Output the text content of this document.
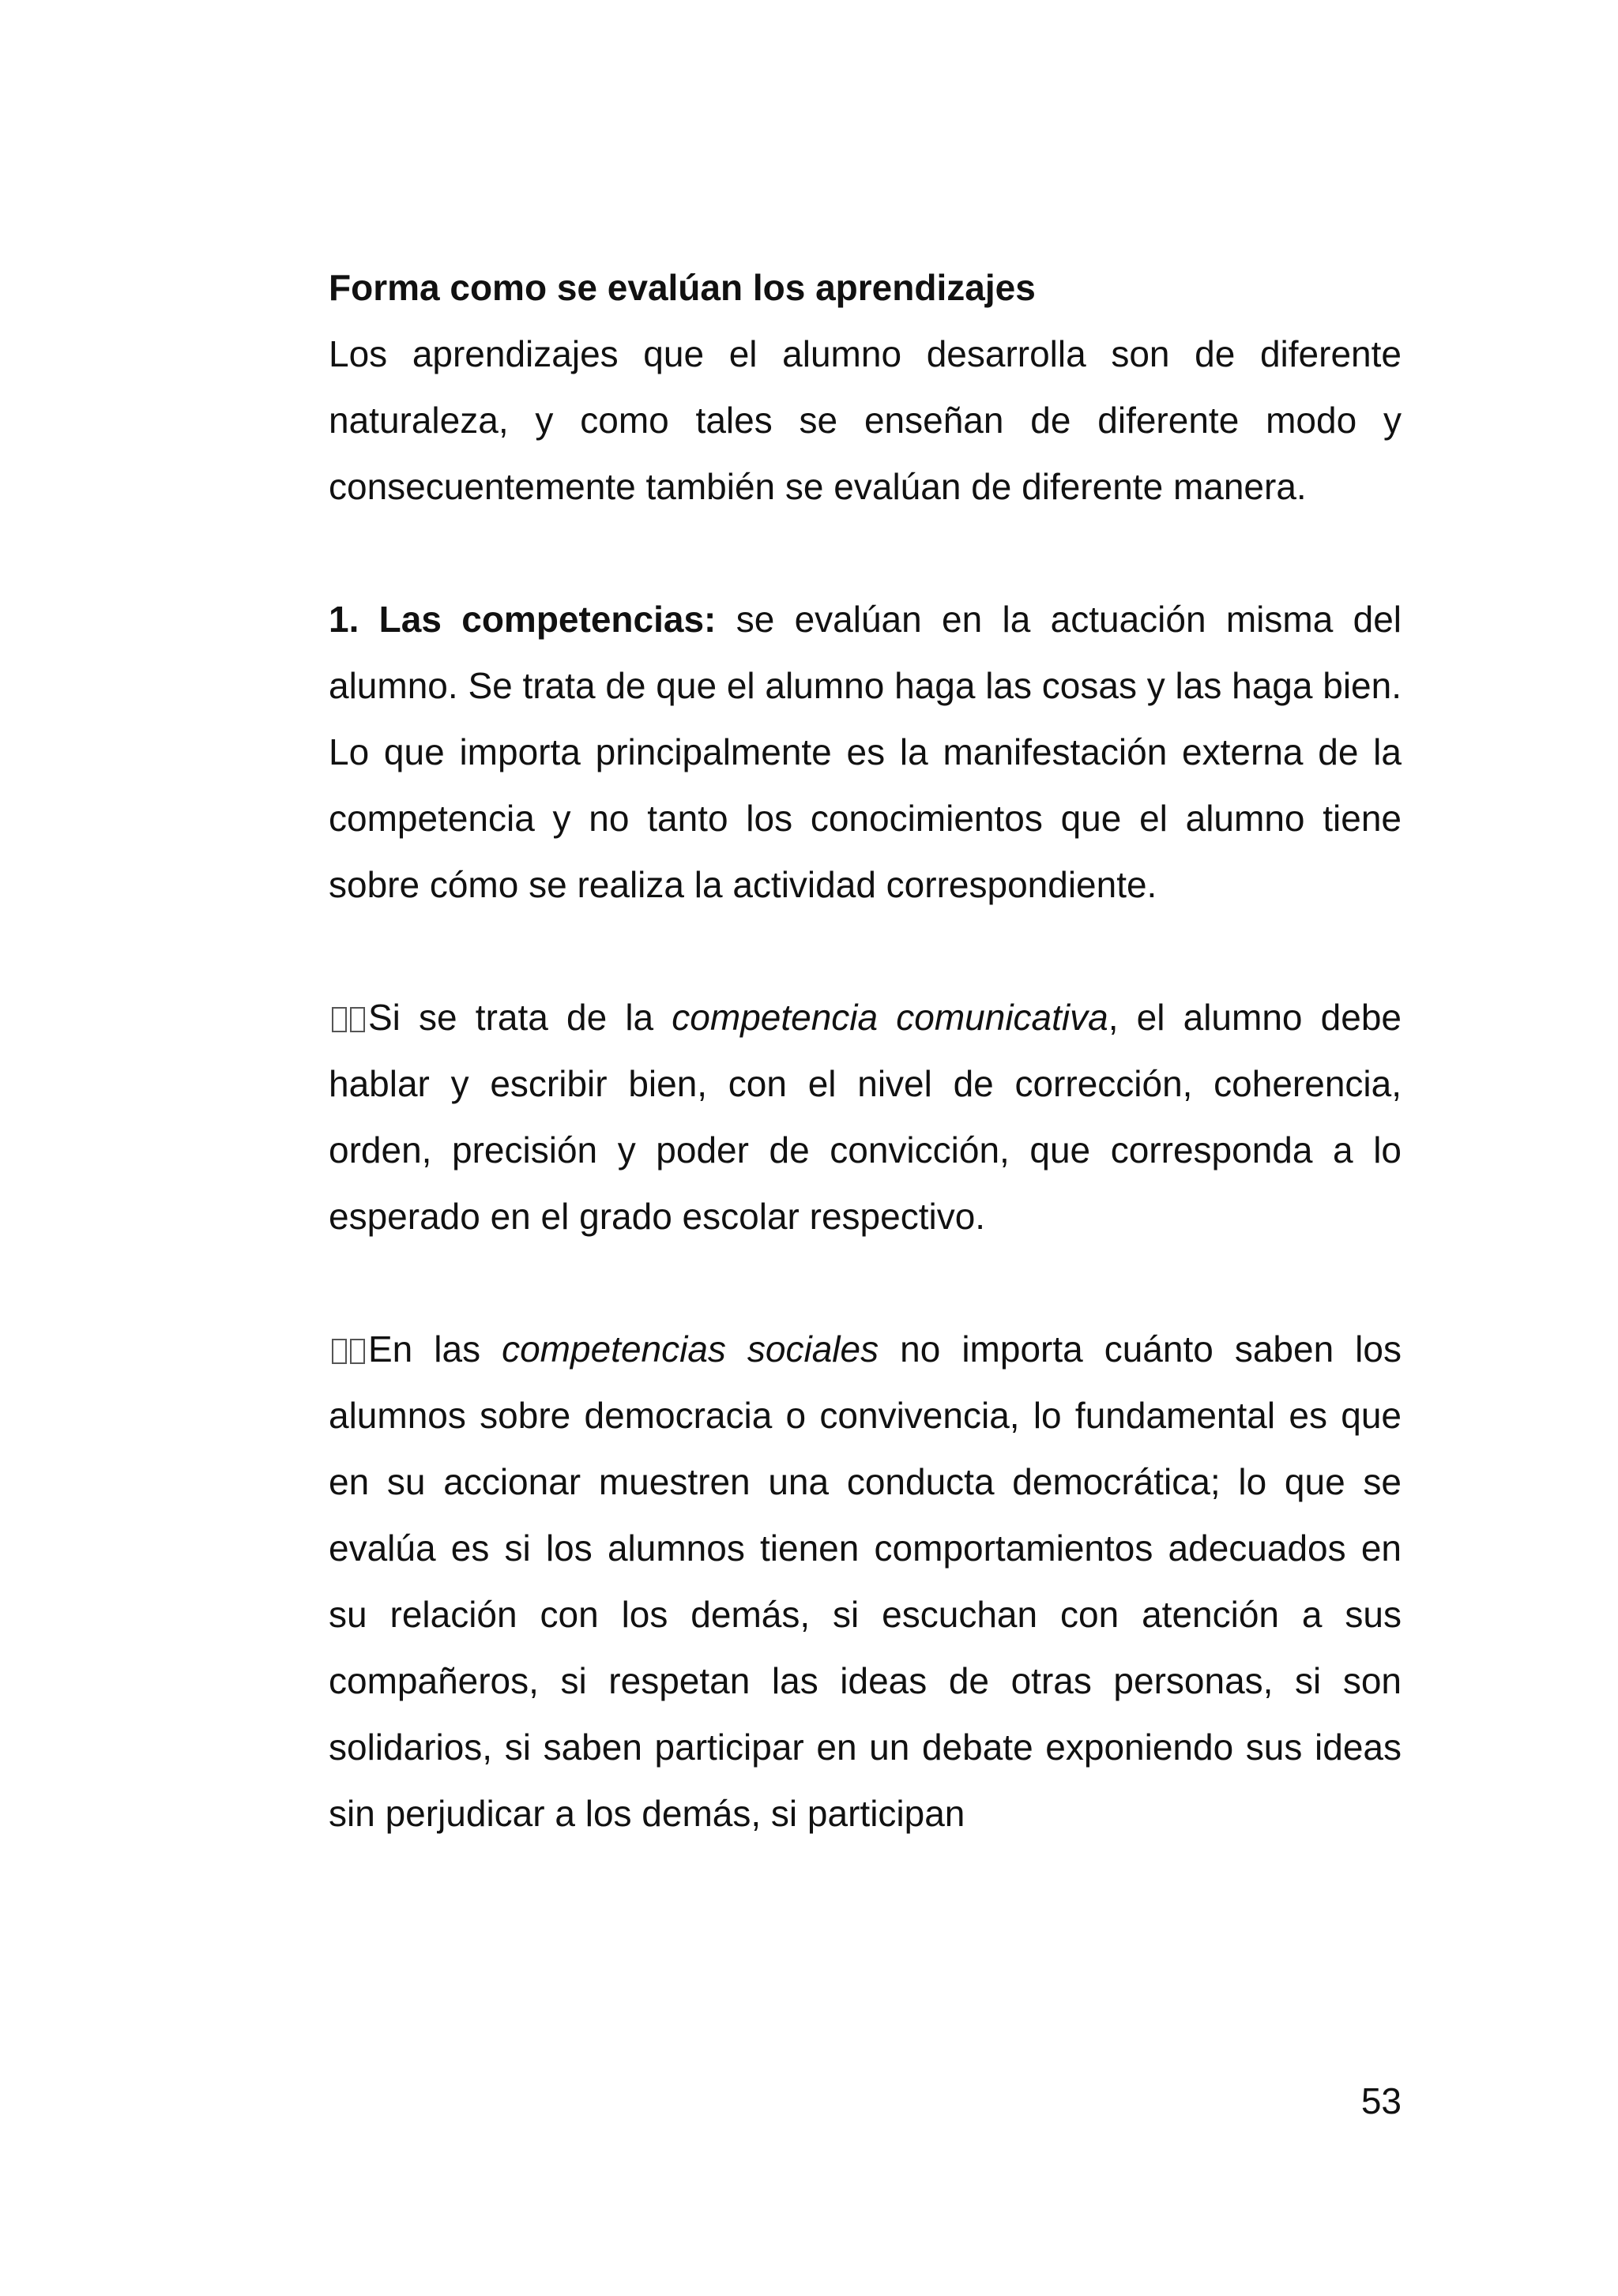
Forma como se evalúan los aprendizajes

Los aprendizajes que el alumno desarrolla son de diferente naturaleza, y como tales se enseñan de diferente modo y consecuentemente también se evalúan de diferente manera.

1. Las competencias: se evalúan en la actuación misma del alumno. Se trata de que el alumno haga las cosas y las haga bien. Lo que importa principalmente es la manifestación externa de la competencia y no tanto los conocimientos que el alumno tiene sobre cómo se realiza la actividad correspondiente.

Si se trata de la competencia comunicativa, el alumno debe hablar y escribir bien, con el nivel de corrección, coherencia, orden, precisión y poder de convicción, que corresponda a lo esperado en el grado escolar respectivo.

En las competencias sociales no importa cuánto saben los alumnos sobre democracia o convivencia, lo fundamental es que en su accionar muestren una conducta democrática; lo que se evalúa es si los alumnos tienen comportamientos adecuados en su relación con los demás, si escuchan con atención a sus compañeros, si respetan las ideas de otras personas, si son solidarios, si saben participar en un debate exponiendo sus ideas sin perjudicar a los demás, si participan

53
